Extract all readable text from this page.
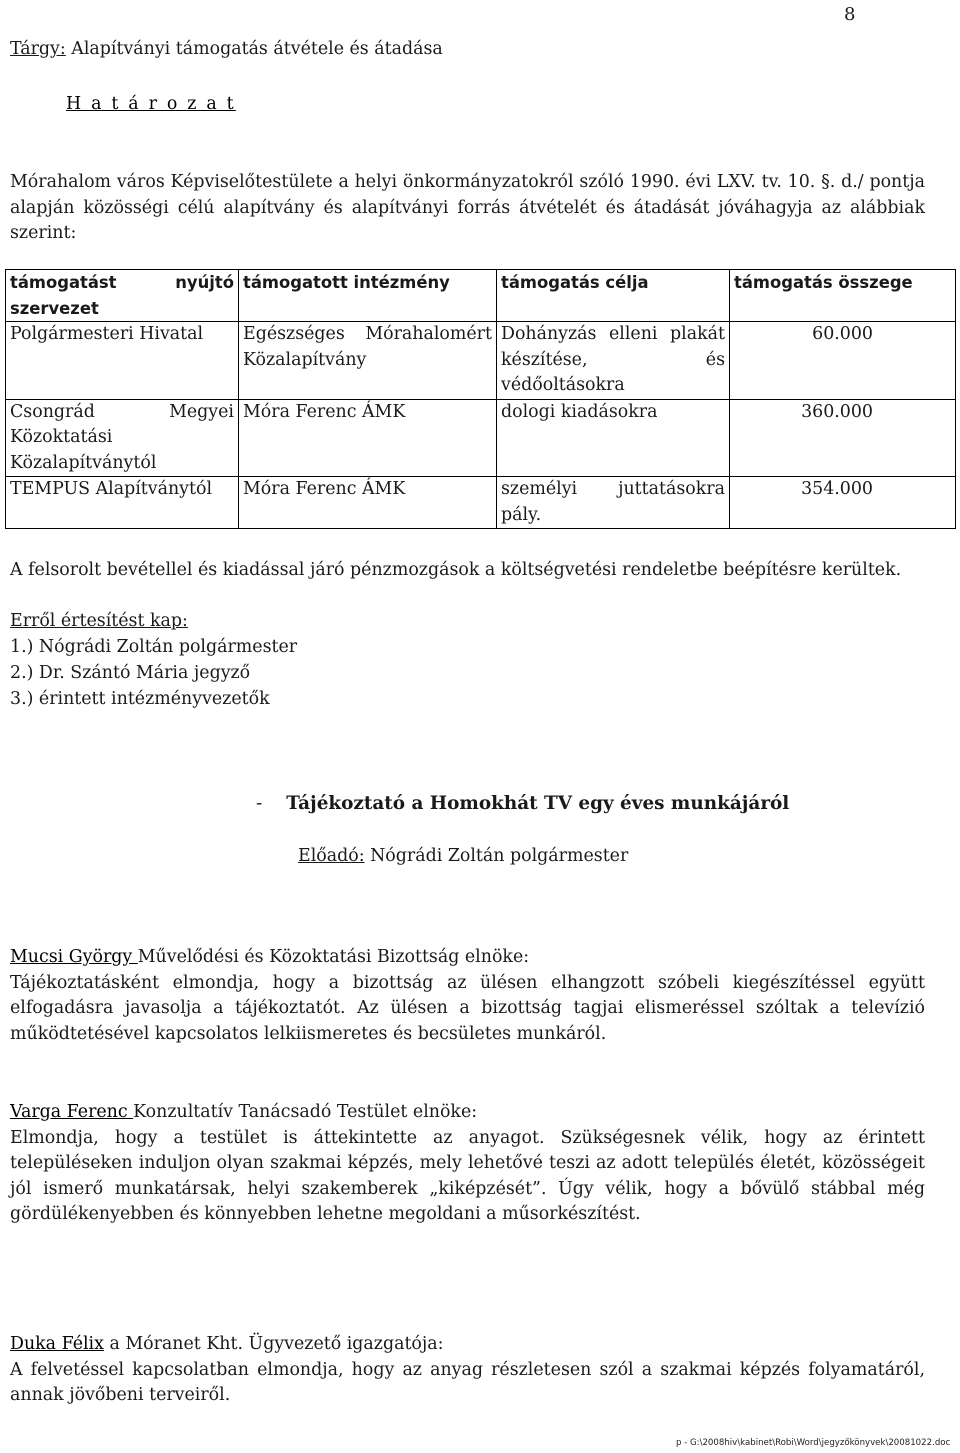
8
Tárgy: Alapítványi támogatás átvétele és átadása
H a t á r o z a t
Mórahalom város Képviselőtestülete a helyi önkormányzatokról szóló 1990. évi LXV. tv. 10. §. d./ pontja alapján közösségi célú alapítvány és alapítványi forrás átvételét és átadását jóváhagyja az alábbiak szerint:
támogatást nyújtó szervezet	támogatott intézmény	támogatás célja	támogatás összege
Polgármesteri Hivatal	Egészséges Mórahalomért Közalapítvány	Dohányzás elleni plakát készítése, és védőoltásokra	60.000
Csongrád Megyei Közoktatási Közalapítványtól	Móra Ferenc ÁMK	dologi kiadásokra	360.000
TEMPUS Alapítványtól	Móra Ferenc ÁMK	személyi juttatásokra pály.	354.000
A felsorolt bevétellel és kiadással járó pénzmozgások a költségvetési rendeletbe beépítésre kerültek.
Erről értesítést kap:
1.) Nógrádi Zoltán polgármester
2.) Dr. Szántó Mária jegyző
3.) érintett intézményvezetők
- Tájékoztató a Homokhát TV egy éves munkájáról
Előadó: Nógrádi Zoltán polgármester
Mucsi György Művelődési és Közoktatási Bizottság elnöke:
Tájékoztatásként elmondja, hogy a bizottság az ülésen elhangzott szóbeli kiegészítéssel együtt elfogadásra javasolja a tájékoztatót. Az ülésen a bizottság tagjai elismeréssel szóltak a televízió működtetésével kapcsolatos lelkiismeretes és becsületes munkáról.
Varga Ferenc Konzultatív Tanácsadó Testület elnöke:
Elmondja, hogy a testület is áttekintette az anyagot. Szükségesnek vélik, hogy az érintett településeken induljon olyan szakmai képzés, mely lehetővé teszi az adott település életét, közösségeit jól ismerő munkatársak, helyi szakemberek „kiképzését”. Úgy vélik, hogy a bővülő stábbal még gördülékenyebben és könnyebben lehetne megoldani a műsorkészítést.
Duka Félix a Móranet Kht. Ügyvezető igazgatója:
A felvetéssel kapcsolatban elmondja, hogy az anyag részletesen szól a szakmai képzés folyamatáról, annak jövőbeni terveiről.
p - G:\2008hiv\kabinet\Robi\Word\jegyzőkönyvek\20081022.doc
